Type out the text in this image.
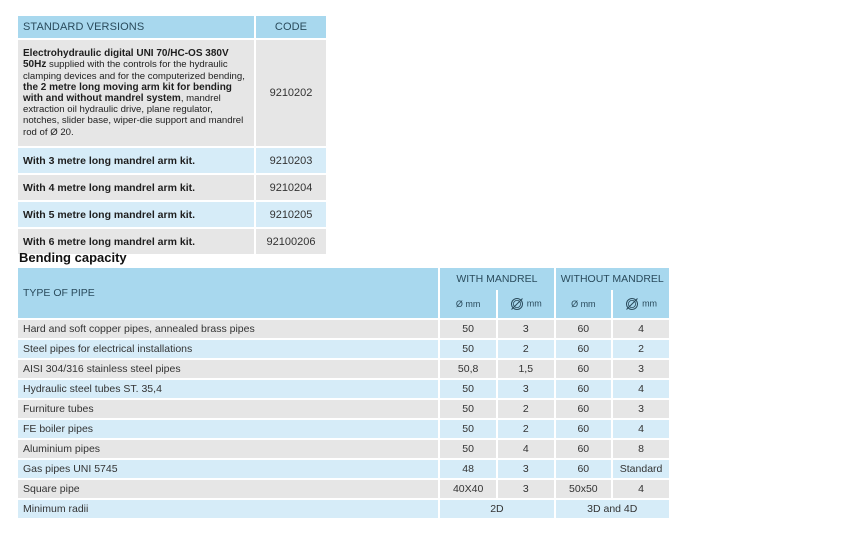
STANDARD VERSIONS	CODE
Electrohydraulic digital UNI 70/HC-OS 380V 50Hz supplied with the controls for the hydraulic clamping devices and for the computerized bending, the 2 metre long moving arm kit for bending with and without mandrel system, mandrel extraction oil hydraulic drive, plane regulator, notches, slider base, wiper-die support and mandrel rod of Ø 20.	9210202
With 3 metre long mandrel arm kit.	9210203
With 4 metre long mandrel arm kit.	9210204
With 5 metre long mandrel arm kit.	9210205
With 6 metre long mandrel arm kit.	92100206
Bending capacity
TYPE OF PIPE	WITH MANDREL		WITHOUT MANDREL	
	Ø mm	mm	Ø mm	mm
Hard and soft copper pipes, annealed brass pipes	50	3	60	4
Steel pipes for electrical installations	50	2	60	2
AISI 304/316 stainless steel pipes	50,8	1,5	60	3
Hydraulic steel tubes ST. 35,4	50	3	60	4
Furniture tubes	50	2	60	3
FE boiler pipes	50	2	60	4
Aluminium pipes	50	4	60	8
Gas pipes UNI 5745	48	3	60	Standard
Square pipe	40X40	3	50x50	4
Minimum radii	2D		3D and 4D	
